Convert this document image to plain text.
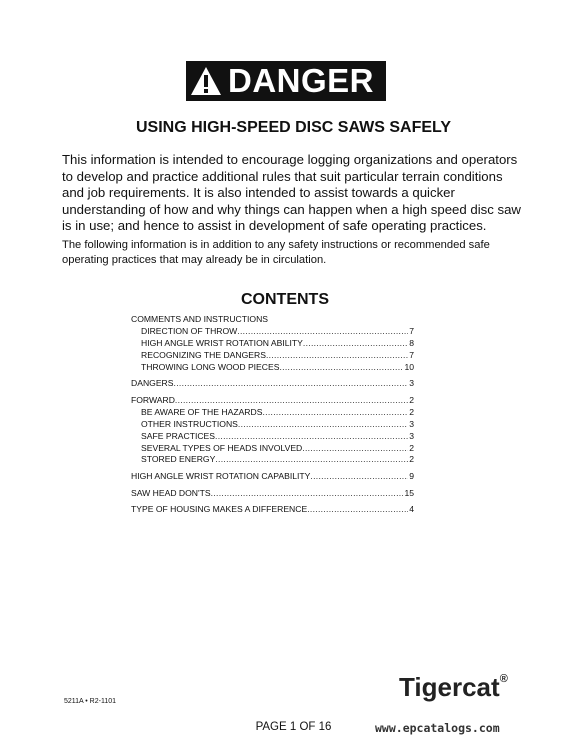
DANGER
USING HIGH-SPEED DISC SAWS SAFELY
This information is intended to encourage logging organizations and operators to develop and practice additional rules that suit particular terrain conditions and job requirements. It is also intended to assist towards a quicker understanding of how and why things can happen when a high speed disc saw is in use; and hence to assist in development of safe operating practices.
The following information is in addition to any safety instructions or recommended safe operating practices that may already be in circulation.
CONTENTS
COMMENTS AND INSTRUCTIONS
DIRECTION OF THROW .....	7
HIGH ANGLE WRIST ROTATION ABILITY .....	8
RECOGNIZING THE DANGERS .....	7
THROWING LONG WOOD PIECES .....	10
DANGERS .....	3
FORWARD .....	2
BE AWARE OF THE HAZARDS .....	2
OTHER INSTRUCTIONS .....	3
SAFE PRACTICES .....	3
SEVERAL TYPES OF HEADS INVOLVED .....	2
STORED ENERGY .....	2
HIGH ANGLE WRIST ROTATION CAPABILITY .....	9
SAW HEAD DON'TS .....	15
TYPE OF HOUSING MAKES A DIFFERENCE .....	4
Tigercat®
5211A • R2-1101
PAGE 1 OF 16	www.epcatalogs.com
